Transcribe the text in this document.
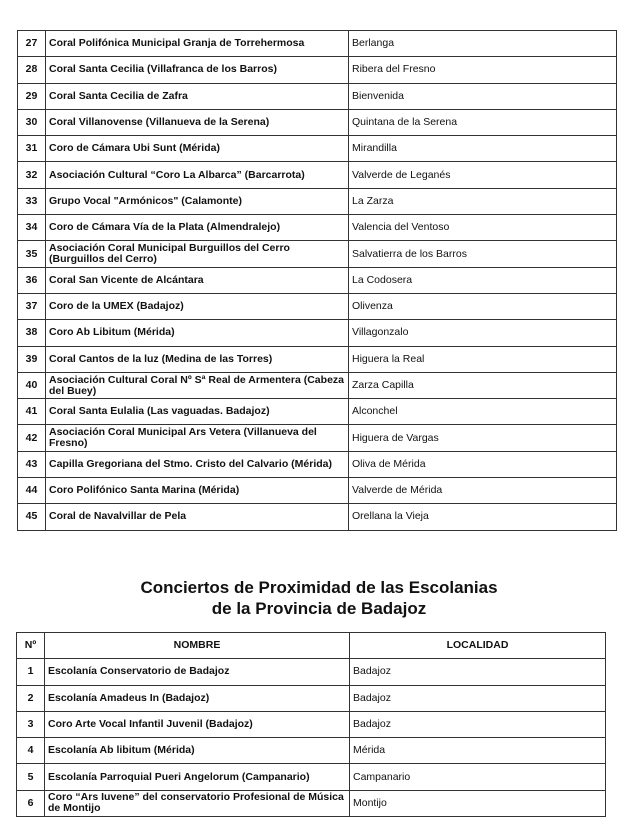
27	Coral Polifónica Municipal Granja de Torrehermosa	Berlanga
28	Coral Santa Cecilia (Villafranca de los Barros)	Ribera del Fresno
29	Coral Santa Cecilia de Zafra	Bienvenida
30	Coral Villanovense (Villanueva de la Serena)	Quintana de la Serena
31	Coro de Cámara Ubi Sunt (Mérida)	Mirandilla
32	Asociación Cultural “Coro La Albarca” (Barcarrota)	Valverde de Leganés
33	Grupo Vocal "Armónicos" (Calamonte)	La Zarza
34	Coro de Cámara Vía de la Plata (Almendralejo)	Valencia del Ventoso
35	Asociación Coral Municipal Burguillos del Cerro (Burguillos del Cerro)	Salvatierra de los Barros
36	Coral San Vicente de Alcántara	La Codosera
37	Coro de la UMEX (Badajoz)	Olivenza
38	Coro Ab Libitum (Mérida)	Villagonzalo
39	Coral Cantos de la luz (Medina de las Torres)	Higuera la Real
40	Asociación Cultural Coral Nº Sª Real de Armentera (Cabeza del Buey)	Zarza Capilla
41	Coral Santa Eulalia (Las vaguadas. Badajoz)	Alconchel
42	Asociación Coral Municipal Ars Vetera (Villanueva del Fresno)	Higuera de Vargas
43	Capilla Gregoriana del Stmo. Cristo del Calvario (Mérida)	Oliva de Mérida
44	Coro Polifónico Santa Marina (Mérida)	Valverde de Mérida
45	Coral de Navalvillar de Pela	Orellana la Vieja
Conciertos de Proximidad de las Escolanias
de la Provincia de Badajoz
Nº	NOMBRE	LOCALIDAD
1	Escolanía Conservatorio de Badajoz	Badajoz
2	Escolanía Amadeus In (Badajoz)	Badajoz
3	Coro Arte Vocal Infantil Juvenil (Badajoz)	Badajoz
4	Escolanía Ab libitum (Mérida)	Mérida
5	Escolanía Parroquial Pueri Angelorum (Campanario)	Campanario
6	Coro “Ars Iuvene” del conservatorio Profesional de Música de Montijo	Montijo
